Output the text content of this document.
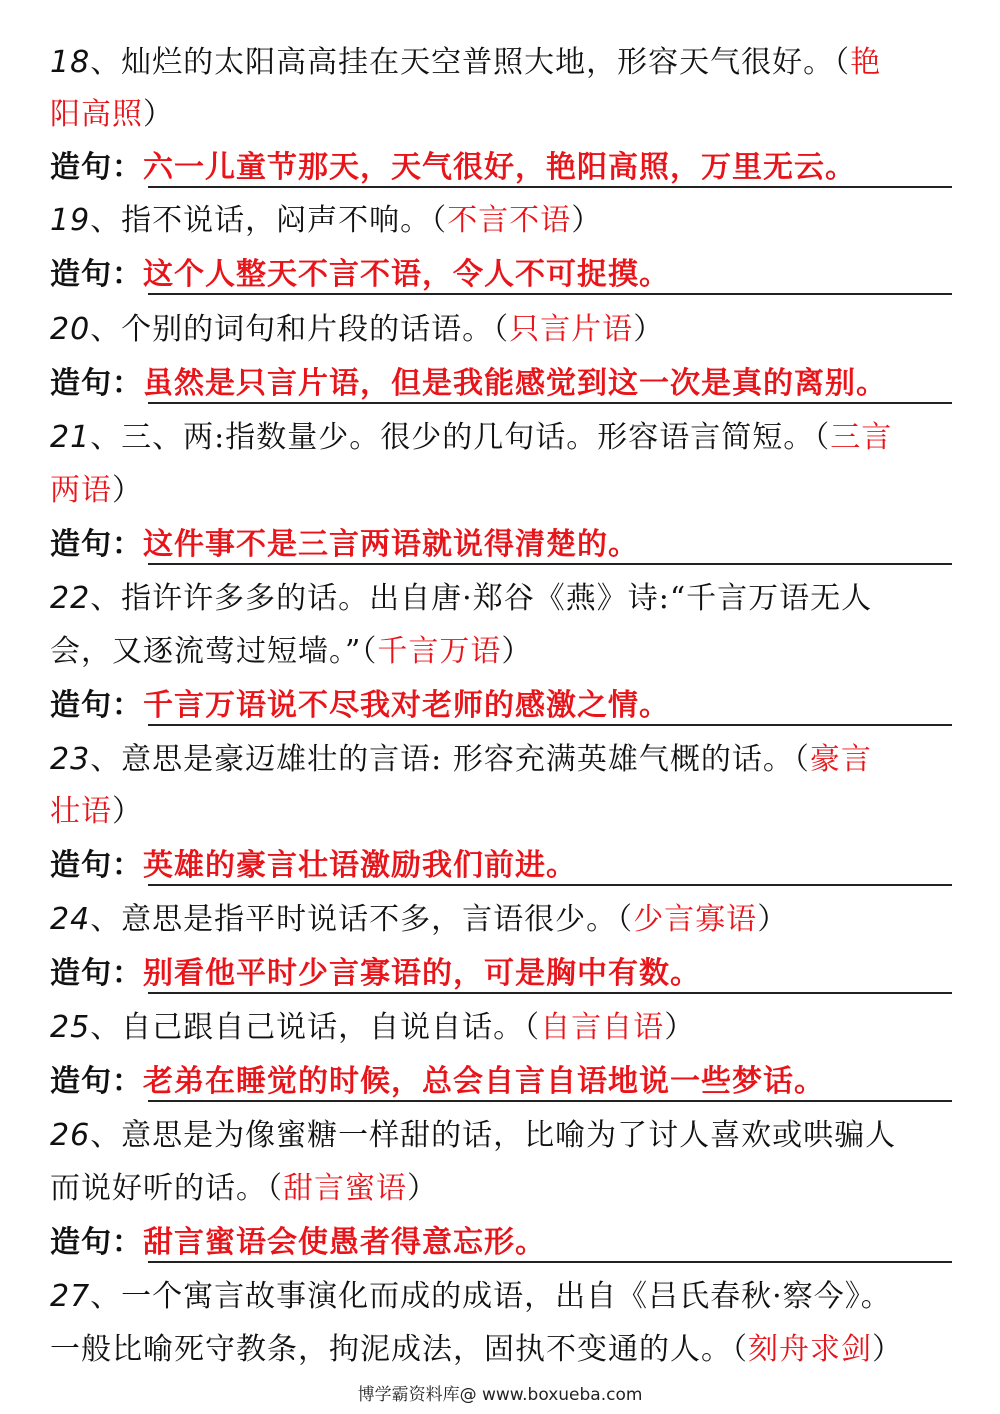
18、灿烂的太阳高高挂在天空普照大地，形容天气很好。（艳
阳高照）
造句：六一儿童节那天，天气很好，艳阳高照，万里无云。
19、指不说话，闷声不响。（不言不语）
造句：这个人整天不言不语，令人不可捉摸。
20、个别的词句和片段的话语。（只言片语）
造句：虽然是只言片语，但是我能感觉到这一次是真的离别。
21、三、两:指数量少。很少的几句话。形容语言简短。（三言
两语）
造句：这件事不是三言两语就说得清楚的。
22、指许许多多的话。出自唐·郑谷《燕》诗:“千言万语无人
会，又逐流莺过短墙。”（千言万语）
造句：千言万语说不尽我对老师的感激之情。
23、意思是豪迈雄壮的言语: 形容充满英雄气概的话。（豪言
壮语）
造句：英雄的豪言壮语激励我们前进。
24、意思是指平时说话不多，言语很少。（少言寡语）
造句：别看他平时少言寡语的，可是胸中有数。
25、自己跟自己说话，自说自话。（自言自语）
造句：老弟在睡觉的时候，总会自言自语地说一些梦话。
26、意思是为像蜜糖一样甜的话，比喻为了讨人喜欢或哄骗人
而说好听的话。（甜言蜜语）
造句：甜言蜜语会使愚者得意忘形。
27、一个寓言故事演化而成的成语，出自《吕氏春秋·察今》。
一般比喻死守教条，拘泥成法，固执不变通的人。（刻舟求剑）
博学霸资料库@ www.boxueba.com
